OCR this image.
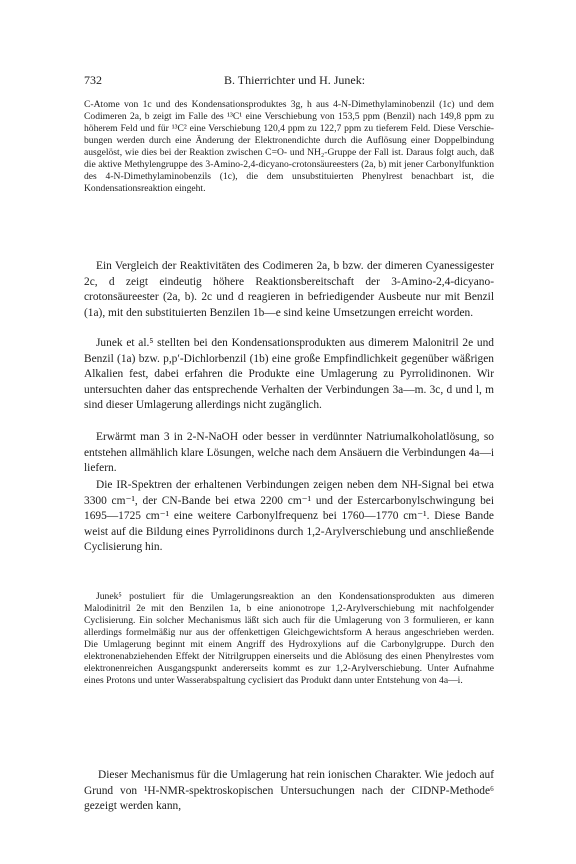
732	B. Thierrichter und H. Junek:

C-Atome von 1c und des Kondensationsproduktes 3g, h aus 4-N-Dimethylaminobenzil (1c) und dem Codimeren 2a, b zeigt im Falle des ¹³C¹ eine Verschiebung von 153,5 ppm (Benzil) nach 149,8 ppm zu höherem Feld und für ¹³C² eine Verschiebung 120,4 ppm zu 122,7 ppm zu tieferem Feld. Diese Verschiebungen werden durch eine Änderung der Elektronendichte durch die Auflösung einer Doppelbindung ausgelöst, wie dies bei der Reaktion zwischen C=O- und NH₂-Gruppe der Fall ist. Daraus folgt auch, daß die aktive Methylengruppe des 3-Amino-2,4-dicyano-crotonsäureesters (2a, b) mit jener Carbonylfunktion des 4-N-Dimethylaminobenzils (1c), die dem unsubstituierten Phenylrest benachbart ist, die Kondensationsreaktion eingeht.

Ein Vergleich der Reaktivitäten des Codimeren 2a, b bzw. der dimeren Cyanessigester 2c, d zeigt eindeutig höhere Reaktionsbereitschaft der 3-Amino-2,4-dicyano-crotonsäureester (2a, b). 2c und d reagieren in befriedigender Ausbeute nur mit Benzil (1a), mit den substituierten Benzilen 1b—e sind keine Umsetzungen erreicht worden.

Junek et al.⁵ stellten bei den Kondensationsprodukten aus dimerem Malonitril 2e und Benzil (1a) bzw. p,p′-Dichlorbenzil (1b) eine große Empfindlichkeit gegenüber wäßrigen Alkalien fest, dabei erfahren die Produkte eine Umlagerung zu Pyrrolidinonen. Wir untersuchten daher das entsprechende Verhalten der Verbindungen 3a—m. 3c, d und l, m sind dieser Umlagerung allerdings nicht zugänglich.

Erwärmt man 3 in 2-N-NaOH oder besser in verdünnter Natriumalkoholatlösung, so entstehen allmählich klare Lösungen, welche nach dem Ansäuern die Verbindungen 4a—i liefern.

Die IR-Spektren der erhaltenen Verbindungen zeigen neben dem NH-Signal bei etwa 3300 cm⁻¹, der CN-Bande bei etwa 2200 cm⁻¹ und der Estercarbonylschwingung bei 1695—1725 cm⁻¹ eine weitere Carbonylfrequenz bei 1760—1770 cm⁻¹. Diese Bande weist auf die Bildung eines Pyrrolidinons durch 1,2-Arylverschiebung und anschließende Cyclisierung hin.

Junek⁵ postuliert für die Umlagerungsreaktion an den Kondensationsprodukten aus dimeren Malodinitril 2e mit den Benzilen 1a, b eine anionotrope 1,2-Arylverschiebung mit nachfolgender Cyclisierung. Ein solcher Mechanismus läßt sich auch für die Umlagerung von 3 formulieren, er kann allerdings formelmäßig nur aus der offenkettigen Gleichgewichtsform A heraus angeschrieben werden. Die Umlagerung beginnt mit einem Angriff des Hydroxylions auf die Carbonylgruppe. Durch den elektronenabziehenden Effekt der Nitrilgruppen einerseits und die Ablösung des einen Phenylrestes vom elektronenreichen Ausgangspunkt andererseits kommt es zur 1,2-Arylverschiebung. Unter Aufnahme eines Protons und unter Wasserabspaltung cyclisiert das Produkt dann unter Entstehung von 4a—i.

Dieser Mechanismus für die Umlagerung hat rein ionischen Charakter. Wie jedoch auf Grund von ¹H-NMR-spektroskopischen Untersuchungen nach der CIDNP-Methode⁶ gezeigt werden kann,
